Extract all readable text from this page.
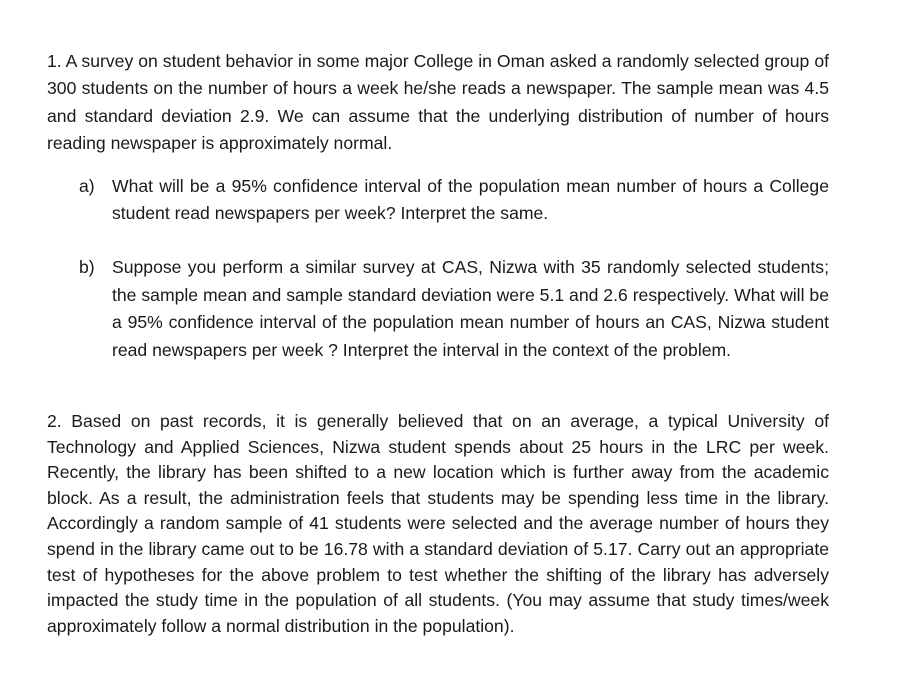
1. A survey on student behavior in some major College in Oman asked a randomly selected group of 300 students on the number of hours a week he/she reads a newspaper. The sample mean was 4.5 and standard deviation 2.9. We can assume that the underlying distribution of number of hours reading newspaper is approximately normal.

a) What will be a 95% confidence interval of the population mean number of hours a College student read newspapers per week? Interpret the same.
b) Suppose you perform a similar survey at CAS, Nizwa with 35 randomly selected students; the sample mean and sample standard deviation were 5.1 and 2.6 respectively. What will be a 95% confidence interval of the population mean number of hours an CAS, Nizwa student read newspapers per week ? Interpret the interval in the context of the problem.

2. Based on past records, it is generally believed that on an average, a typical University of Technology and Applied Sciences, Nizwa student spends about 25 hours in the LRC per week. Recently, the library has been shifted to a new location which is further away from the academic block. As a result, the administration feels that students may be spending less time in the library. Accordingly a random sample of 41 students were selected and the average number of hours they spend in the library came out to be 16.78 with a standard deviation of 5.17. Carry out an appropriate test of hypotheses for the above problem to test whether the shifting of the library has adversely impacted the study time in the population of all students. (You may assume that study times/week approximately follow a normal distribution in the population).
